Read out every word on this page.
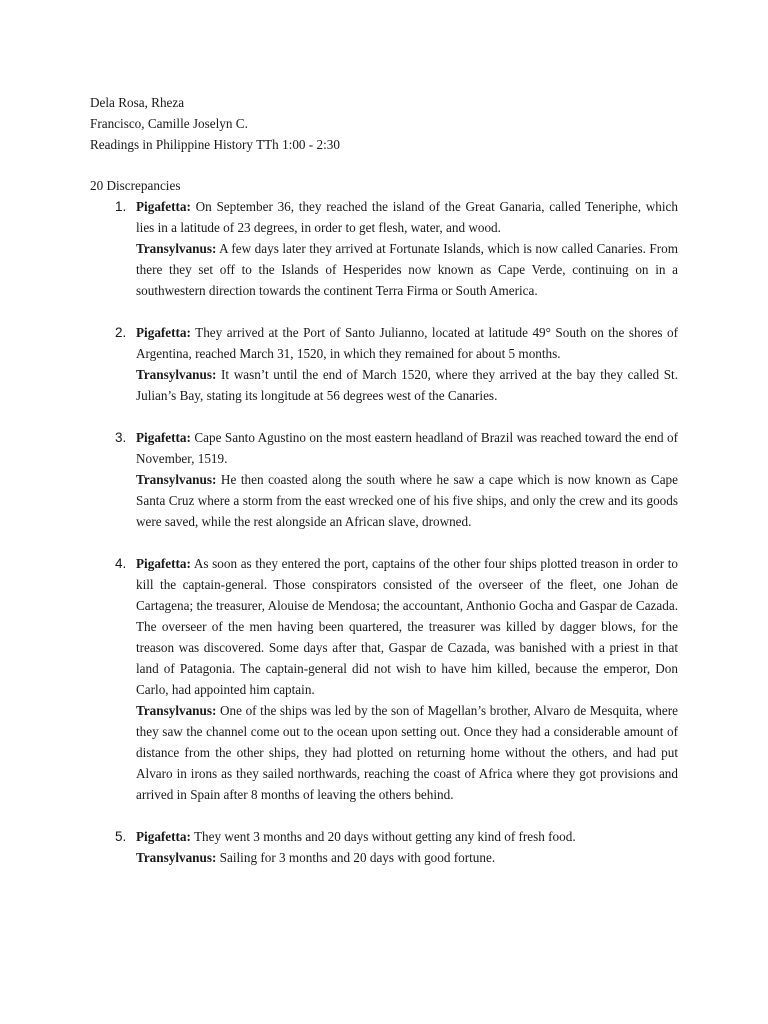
Dela Rosa, Rheza

Francisco, Camille Joselyn C.

Readings in Philippine History TTh 1:00 - 2:30

20 Discrepancies

1. Pigafetta: On September 36, they reached the island of the Great Ganaria, called Teneriphe, which lies in a latitude of 23 degrees, in order to get flesh, water, and wood.

Transylvanus: A few days later they arrived at Fortunate Islands, which is now called Canaries. From there they set off to the Islands of Hesperides now known as Cape Verde, continuing on in a southwestern direction towards the continent Terra Firma or South America.

2. Pigafetta: They arrived at the Port of Santo Julianno, located at latitude 49° South on the shores of Argentina, reached March 31, 1520, in which they remained for about 5 months.

Transylvanus: It wasn’t until the end of March 1520, where they arrived at the bay they called St. Julian’s Bay, stating its longitude at 56 degrees west of the Canaries.

3. Pigafetta: Cape Santo Agustino on the most eastern headland of Brazil was reached toward the end of November, 1519.

Transylvanus: He then coasted along the south where he saw a cape which is now known as Cape Santa Cruz where a storm from the east wrecked one of his five ships, and only the crew and its goods were saved, while the rest alongside an African slave, drowned.

4. Pigafetta: As soon as they entered the port, captains of the other four ships plotted treason in order to kill the captain-general. Those conspirators consisted of the overseer of the fleet, one Johan de Cartagena; the treasurer, Alouise de Mendosa; the accountant, Anthonio Gocha and Gaspar de Cazada. The overseer of the men having been quartered, the treasurer was killed by dagger blows, for the treason was discovered. Some days after that, Gaspar de Cazada, was banished with a priest in that land of Patagonia. The captain-general did not wish to have him killed, because the emperor, Don Carlo, had appointed him captain.

Transylvanus: One of the ships was led by the son of Magellan’s brother, Alvaro de Mesquita, where they saw the channel come out to the ocean upon setting out. Once they had a considerable amount of distance from the other ships, they had plotted on returning home without the others, and had put Alvaro in irons as they sailed northwards, reaching the coast of Africa where they got provisions and arrived in Spain after 8 months of leaving the others behind.

5. Pigafetta: They went 3 months and 20 days without getting any kind of fresh food.

Transylvanus: Sailing for 3 months and 20 days with good fortune.
